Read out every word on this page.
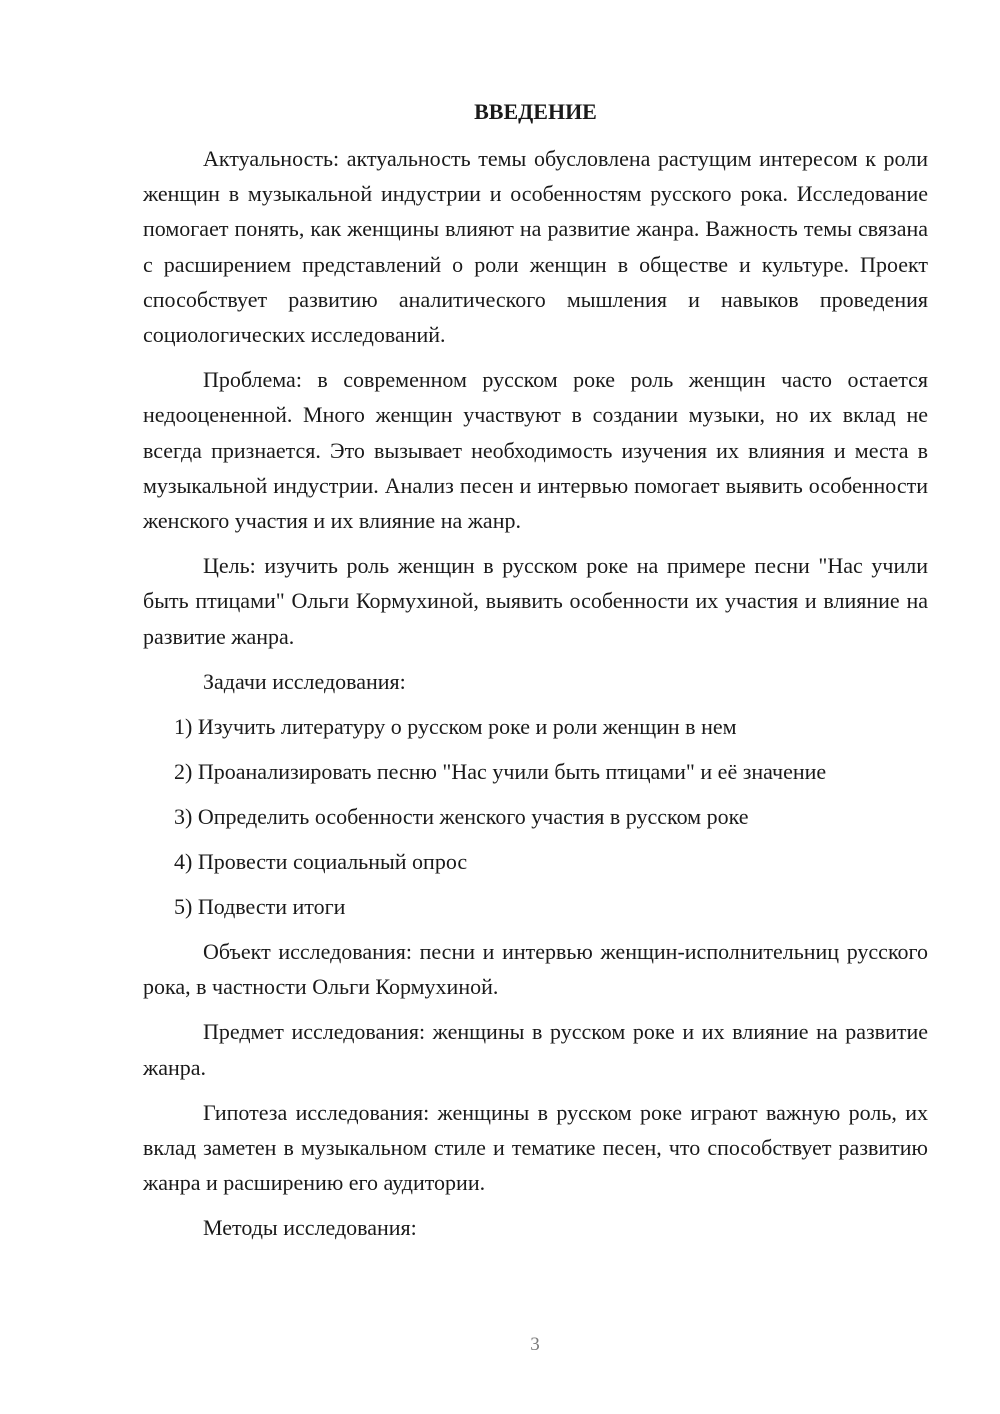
ВВЕДЕНИЕ

Актуальность: актуальность темы обусловлена растущим интересом к роли женщин в музыкальной индустрии и особенностям русского рока. Исследование помогает понять, как женщины влияют на развитие жанра. Важность темы связана с расширением представлений о роли женщин в обществе и культуре. Проект способствует развитию аналитического мышления и навыков проведения социологических исследований.

Проблема: в современном русском роке роль женщин часто остается недооцененной. Много женщин участвуют в создании музыки, но их вклад не всегда признается. Это вызывает необходимость изучения их влияния и места в музыкальной индустрии. Анализ песен и интервью помогает выявить особенности женского участия и их влияние на жанр.

Цель: изучить роль женщин в русском роке на примере песни "Нас учили быть птицами" Ольги Кормухиной, выявить особенности их участия и влияние на развитие жанра.

Задачи исследования:

1) Изучить литературу о русском роке и роли женщин в нем
2) Проанализировать песню "Нас учили быть птицами" и её значение
3) Определить особенности женского участия в русском роке
4) Провести социальный опрос
5) Подвести итоги

Объект исследования: песни и интервью женщин-исполнительниц русского рока, в частности Ольги Кормухиной.

Предмет исследования: женщины в русском роке и их влияние на развитие жанра.

Гипотеза исследования: женщины в русском роке играют важную роль, их вклад заметен в музыкальном стиле и тематике песен, что способствует развитию жанра и расширению его аудитории.

Методы исследования:

3
